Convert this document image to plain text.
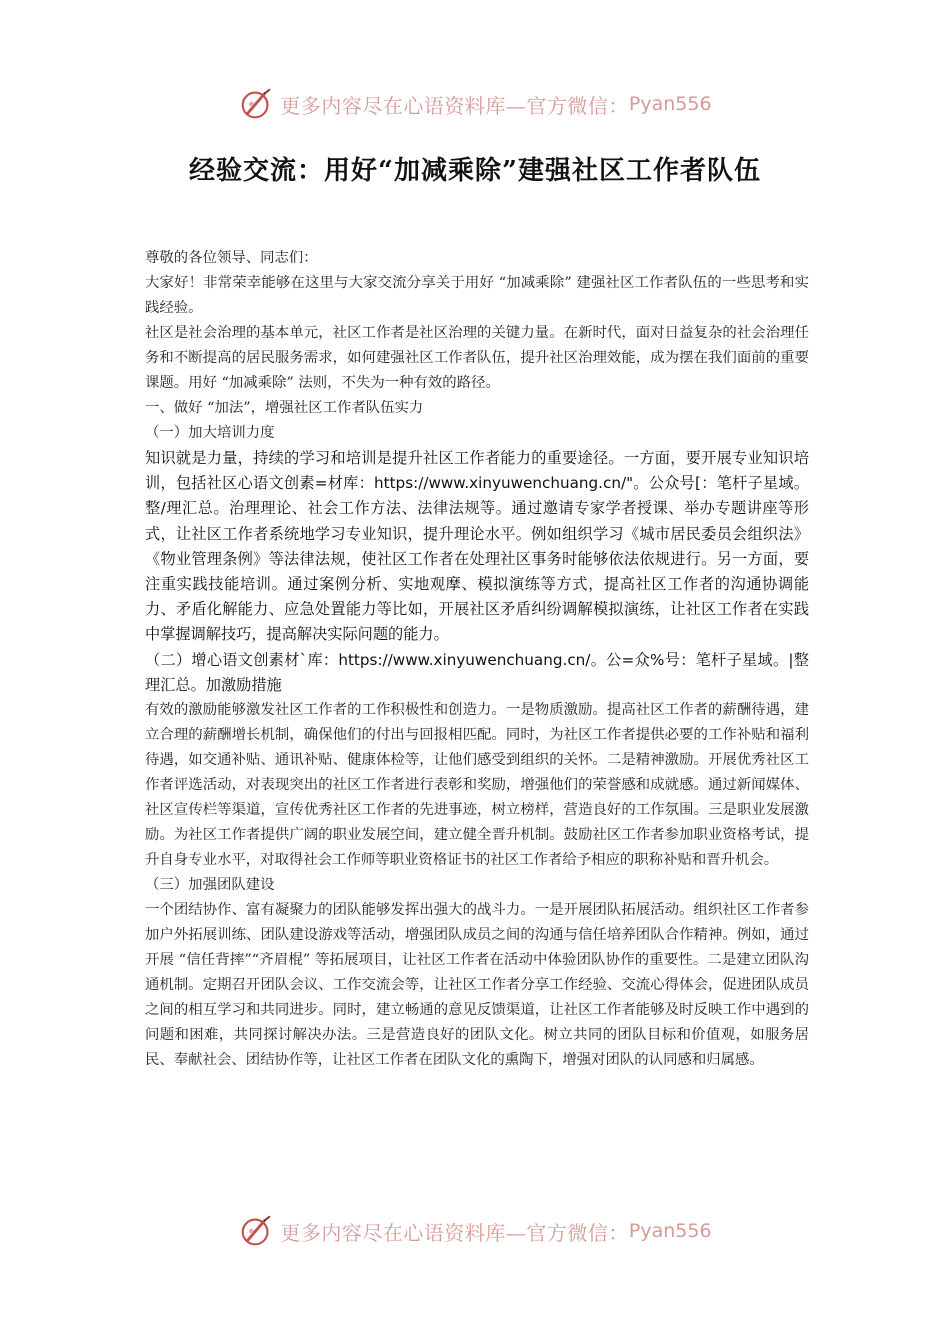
更多内容尽在心语资料库—官方微信： Pyan556
经验交流：用好“加减乘除”建强社区工作者队伍

尊敬的各位领导、同志们：

大家好！非常荣幸能够在这里与大家交流分享关于用好 “加减乘除” 建强社区工作者队伍的一些思考和实践经验。

社区是社会治理的基本单元，社区工作者是社区治理的关键力量。在新时代，面对日益复杂的社会治理任务和不断提高的居民服务需求，如何建强社区工作者队伍，提升社区治理效能，成为摆在我们面前的重要课题。用好 “加减乘除” 法则，不失为一种有效的路径。

一、做好 “加法”，增强社区工作者队伍实力

（一）加大培训力度

知识就是力量，持续的学习和培训是提升社区工作者能力的重要途径。一方面，要开展专业知识培训，包括社区心语文创素=材库：https://www.xinyuwenchuang.cn/"。公众号[：笔杆子星域。整/理汇总。治理理论、社会工作方法、法律法规等。通过邀请专家学者授课、举办专题讲座等形式，让社区工作者系统地学习专业知识，提升理论水平。例如组织学习《城市居民委员会组织法》《物业管理条例》等法律法规，使社区工作者在处理社区事务时能够依法依规进行。另一方面，要注重实践技能培训。通过案例分析、实地观摩、模拟演练等方式，提高社区工作者的沟通协调能力、矛盾化解能力、应急处置能力等比如，开展社区矛盾纠纷调解模拟演练，让社区工作者在实践中掌握调解技巧，提高解决实际问题的能力。

（二）增心语文创素材`库：https://www.xinyuwenchuang.cn/。公=众%号：笔杆子星域。|整理汇总。加激励措施

有效的激励能够激发社区工作者的工作积极性和创造力。一是物质激励。提高社区工作者的薪酬待遇，建立合理的薪酬增长机制，确保他们的付出与回报相匹配。同时，为社区工作者提供必要的工作补贴和福利待遇，如交通补贴、通讯补贴、健康体检等，让他们感受到组织的关怀。二是精神激励。开展优秀社区工作者评选活动，对表现突出的社区工作者进行表彰和奖励，增强他们的荣誉感和成就感。通过新闻媒体、社区宣传栏等渠道，宣传优秀社区工作者的先进事迹，树立榜样，营造良好的工作氛围。三是职业发展激励。为社区工作者提供广阔的职业发展空间，建立健全晋升机制。鼓励社区工作者参加职业资格考试，提升自身专业水平，对取得社会工作师等职业资格证书的社区工作者给予相应的职称补贴和晋升机会。

（三）加强团队建设

一个团结协作、富有凝聚力的团队能够发挥出强大的战斗力。一是开展团队拓展活动。组织社区工作者参加户外拓展训练、团队建设游戏等活动，增强团队成员之间的沟通与信任培养团队合作精神。例如，通过开展 “信任背摔”“齐眉棍” 等拓展项目，让社区工作者在活动中体验团队协作的重要性。二是建立团队沟通机制。定期召开团队会议、工作交流会等，让社区工作者分享工作经验、交流心得体会，促进团队成员之间的相互学习和共同进步。同时，建立畅通的意见反馈渠道，让社区工作者能够及时反映工作中遇到的问题和困难，共同探讨解决办法。三是营造良好的团队文化。树立共同的团队目标和价值观，如服务居民、奉献社会、团结协作等，让社区工作者在团队文化的熏陶下，增强对团队的认同感和归属感。

更多内容尽在心语资料库—官方微信： Pyan556
